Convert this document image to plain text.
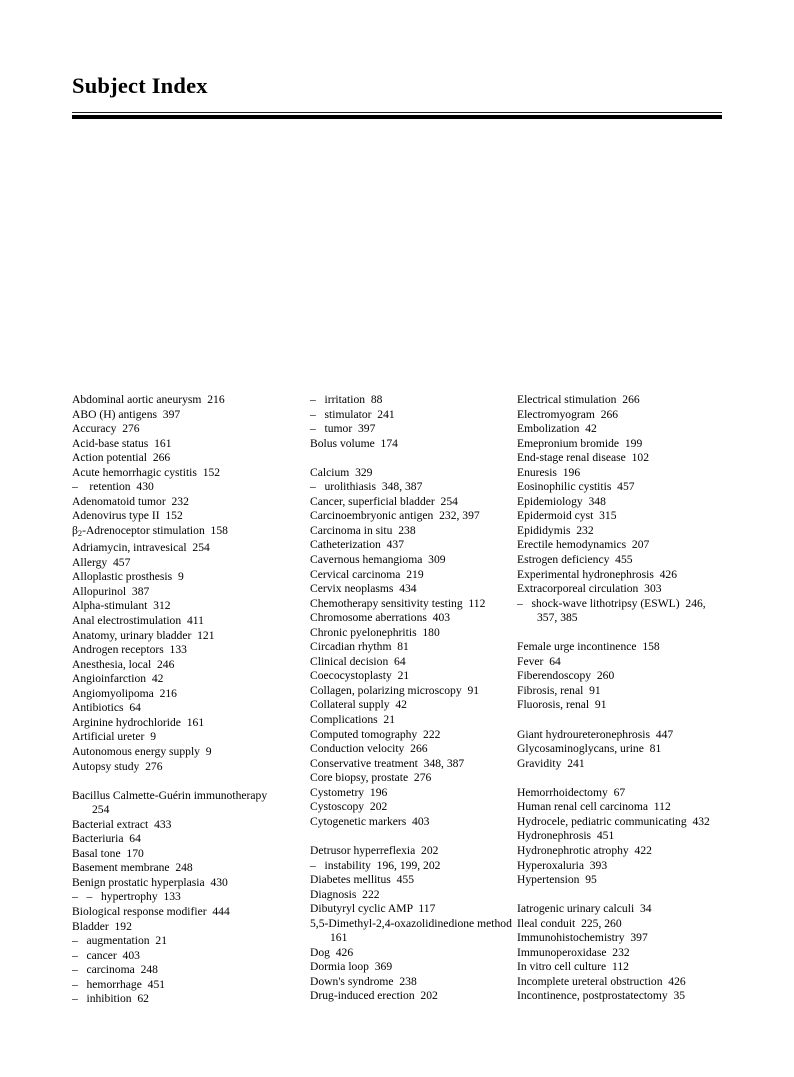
Subject Index
Abdominal aortic aneurysm  216
ABO (H) antigens  397
Accuracy  276
Acid-base status  161
Action potential  266
Acute hemorrhagic cystitis  152
–    retention  430
Adenomatoid tumor  232
Adenovirus type II  152
$\beta_2$-Adrenoceptor stimulation  158
Adriamycin, intravesical  254
Allergy  457
Alloplastic prosthesis  9
Allopurinol  387
Alpha-stimulant  312
Anal electrostimulation  411
Anatomy, urinary bladder  121
Androgen receptors  133
Anesthesia, local  246
Angioinfarction  42
Angiomyolipoma  216
Antibiotics  64
Arginine hydrochloride  161
Artificial ureter  9
Autonomous energy supply  9
Autopsy study  276
Bacillus Calmette-Guérin immunotherapy
254
Bacterial extract  433
Bacteriuria  64
Basal tone  170
Basement membrane  248
Benign prostatic hyperplasia  430
–   –   hypertrophy  133
Biological response modifier  444
Bladder  192
–   augmentation  21
–   cancer  403
–   carcinoma  248
–   hemorrhage  451
–   inhibition  62
–   irritation  88
–   stimulator  241
–   tumor  397
Bolus volume  174
Calcium  329
–   urolithiasis  348, 387
Cancer, superficial bladder  254
Carcinoembryonic antigen  232, 397
Carcinoma in situ  238
Catheterization  437
Cavernous hemangioma  309
Cervical carcinoma  219
Cervix neoplasms  434
Chemotherapy sensitivity testing  112
Chromosome aberrations  403
Chronic pyelonephritis  180
Circadian rhythm  81
Clinical decision  64
Coecocystoplasty  21
Collagen, polarizing microscopy  91
Collateral supply  42
Complications  21
Computed tomography  222
Conduction velocity  266
Conservative treatment  348, 387
Core biopsy, prostate  276
Cystometry  196
Cystoscopy  202
Cytogenetic markers  403
Detrusor hyperreflexia  202
–   instability  196, 199, 202
Diabetes mellitus  455
Diagnosis  222
Dibutyryl cyclic AMP  117
5,5-Dimethyl-2,4-oxazolidinedione method
161
Dog  426
Dormia loop  369
Down's syndrome  238
Drug-induced erection  202
Electrical stimulation  266
Electromyogram  266
Embolization  42
Emepronium bromide  199
End-stage renal disease  102
Enuresis  196
Eosinophilic cystitis  457
Epidemiology  348
Epidermoid cyst  315
Epididymis  232
Erectile hemodynamics  207
Estrogen deficiency  455
Experimental hydronephrosis  426
Extracorporeal circulation  303
–   shock-wave lithotripsy (ESWL)  246,
357, 385
Female urge incontinence  158
Fever  64
Fiberendoscopy  260
Fibrosis, renal  91
Fluorosis, renal  91
Giant hydroureteronephrosis  447
Glycosaminoglycans, urine  81
Gravidity  241
Hemorrhoidectomy  67
Human renal cell carcinoma  112
Hydrocele, pediatric communicating  432
Hydronephrosis  451
Hydronephrotic atrophy  422
Hyperoxaluria  393
Hypertension  95
Iatrogenic urinary calculi  34
Ileal conduit  225, 260
Immunohistochemistry  397
Immunoperoxidase  232
In vitro cell culture  112
Incomplete ureteral obstruction  426
Incontinence, postprostatectomy  35
